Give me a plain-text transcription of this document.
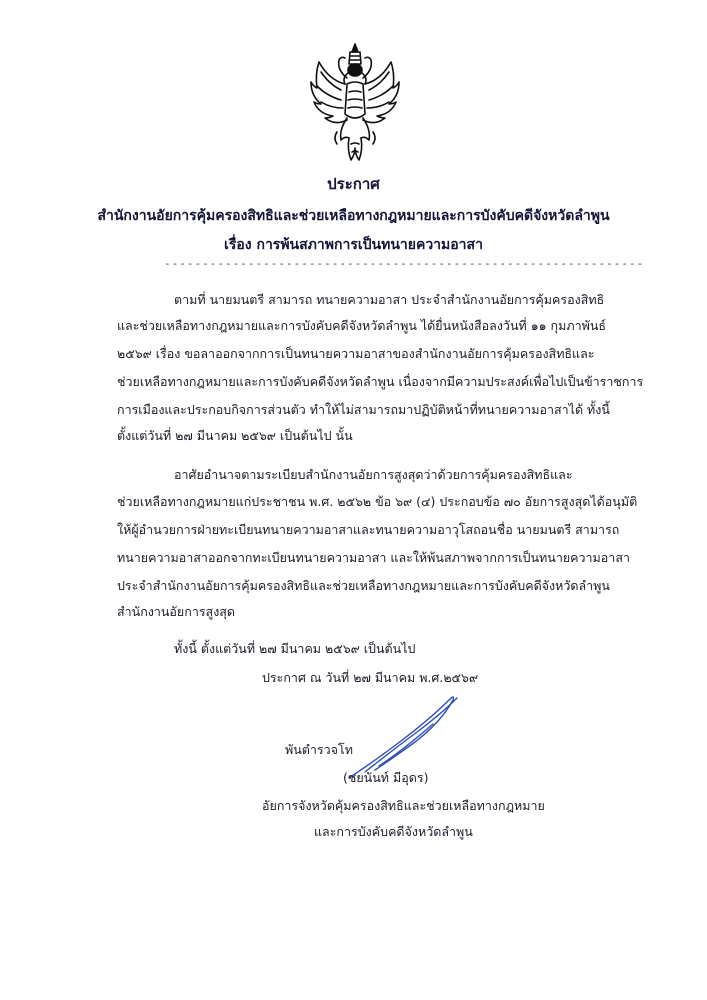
ประกาศ
สำนักงานอัยการคุ้มครองสิทธิและช่วยเหลือทางกฎหมายและการบังคับคดีจังหวัดลำพูน
เรื่อง การพ้นสภาพการเป็นทนายความอาสา
---------------------------------------------------------------
ตามที่ นายมนตรี สามารถ ทนายความอาสา ประจำสำนักงานอัยการคุ้มครองสิทธิ
และช่วยเหลือทางกฎหมายและการบังคับคดีจังหวัดลำพูน ได้ยื่นหนังสือลงวันที่ ๑๑ กุมภาพันธ์
๒๕๖๙ เรื่อง ขอลาออกจากการเป็นทนายความอาสาของสำนักงานอัยการคุ้มครองสิทธิและ
ช่วยเหลือทางกฎหมายและการบังคับคดีจังหวัดลำพูน เนื่องจากมีความประสงค์เพื่อไปเป็นข้าราชการ
การเมืองและประกอบกิจการส่วนตัว ทำให้ไม่สามารถมาปฏิบัติหน้าที่ทนายความอาสาได้ ทั้งนี้
ตั้งแต่วันที่ ๒๗ มีนาคม ๒๕๖๙ เป็นต้นไป นั้น
อาศัยอำนาจตามระเบียบสำนักงานอัยการสูงสุดว่าด้วยการคุ้มครองสิทธิและ
ช่วยเหลือทางกฎหมายแก่ประชาชน พ.ศ. ๒๕๖๒ ข้อ ๖๙ (๔) ประกอบข้อ ๗๐ อัยการสูงสุดได้อนุมัติ
ให้ผู้อำนวยการฝ่ายทะเบียนทนายความอาสาและทนายความอาวุโสถอนชื่อ นายมนตรี สามารถ
ทนายความอาสาออกจากทะเบียนทนายความอาสา และให้พ้นสภาพจากการเป็นทนายความอาสา
ประจำสำนักงานอัยการคุ้มครองสิทธิและช่วยเหลือทางกฎหมายและการบังคับคดีจังหวัดลำพูน
สำนักงานอัยการสูงสุด
ทั้งนี้ ตั้งแต่วันที่ ๒๗ มีนาคม ๒๕๖๙ เป็นต้นไป
ประกาศ ณ วันที่ ๒๗ มีนาคม พ.ศ.๒๕๖๙
พันตำรวจโท
(ชยนันท์ มีอุดร)
อัยการจังหวัดคุ้มครองสิทธิและช่วยเหลือทางกฎหมาย
และการบังคับคดีจังหวัดลำพูน
